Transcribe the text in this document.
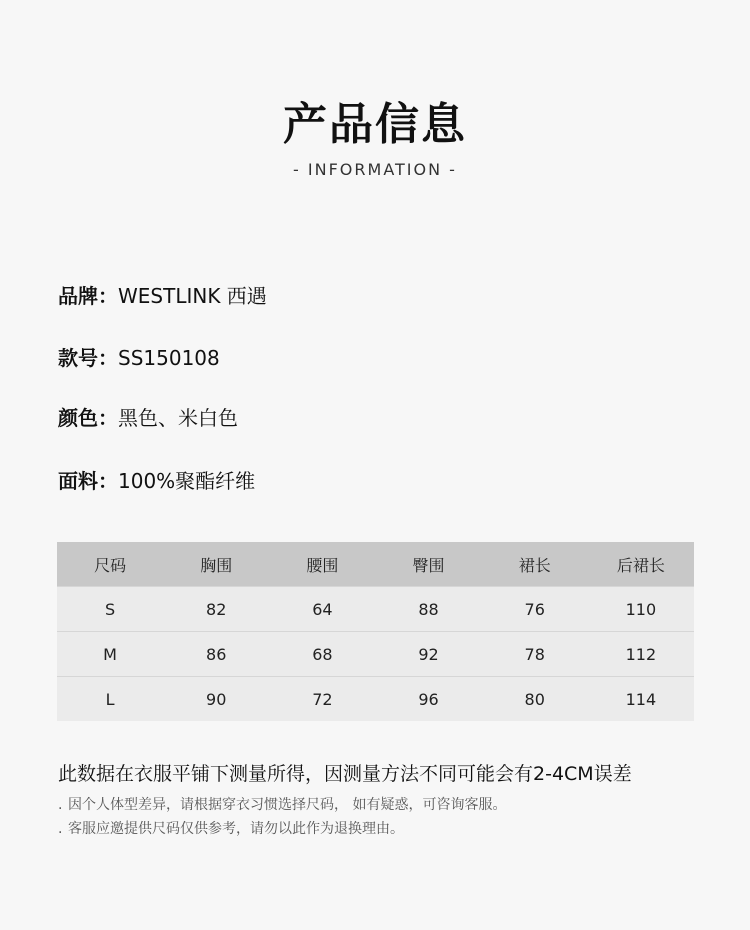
产品信息
- INFORMATION -
品牌：WESTLINK 西遇
款号：SS150108
颜色：黑色、米白色
面料：100%聚酯纤维
尺码	胸围	腰围	臀围	裙长	后裙长
S	82	64	88	76	110
M	86	68	92	78	112
L	90	72	96	80	114
此数据在衣服平铺下测量所得，因测量方法不同可能会有2-4CM误差
. 因个人体型差异，请根据穿衣习惯选择尺码， 如有疑惑，可咨询客服。
. 客服应邀提供尺码仅供参考，请勿以此作为退换理由。
